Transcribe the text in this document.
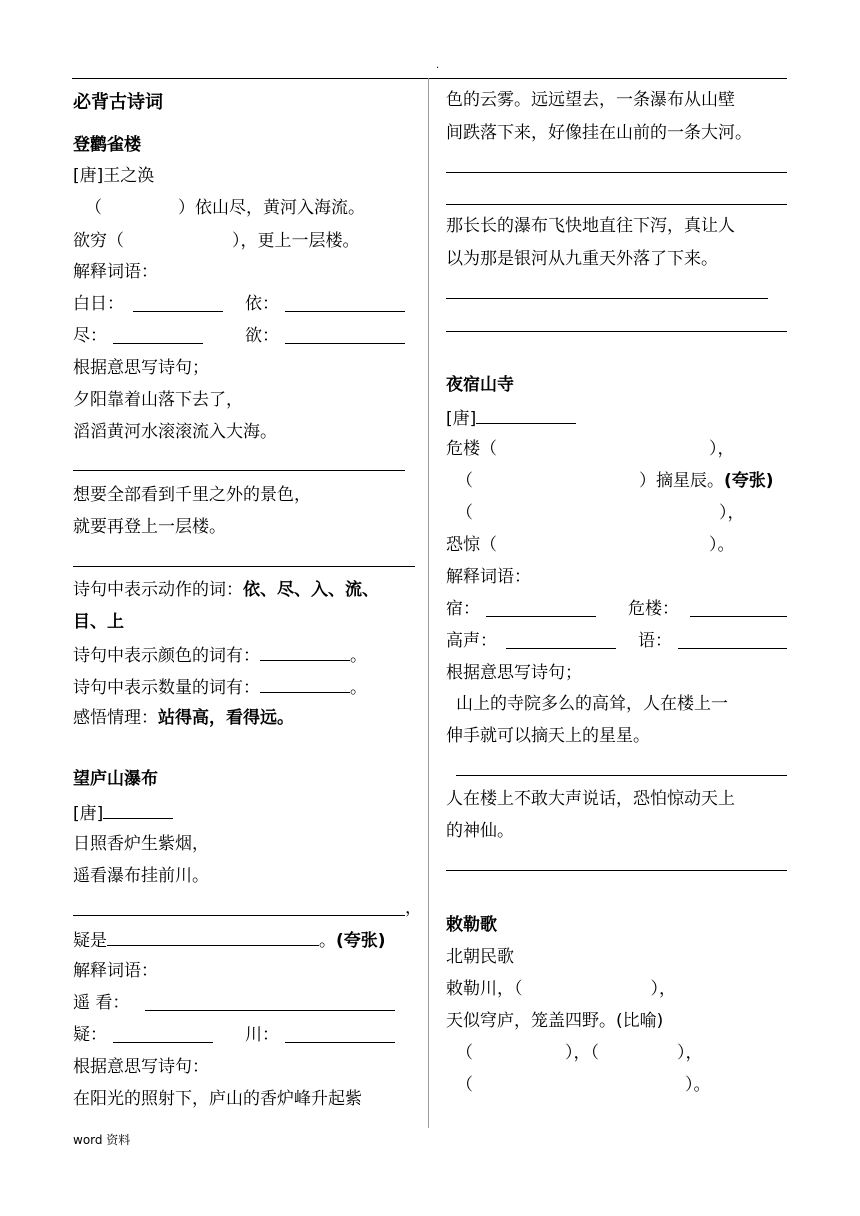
.
必背古诗词
登鹳雀楼
[唐]王之涣
（	）依山尽，黄河入海流。
欲穷（	），更上一层楼。
解释词语：
白日：	依：
尽：	欲：
根据意思写诗句；
夕阳靠着山落下去了，
滔滔黄河水滚滚流入大海。
想要全部看到千里之外的景色，
就要再登上一层楼。
诗句中表示动作的词：依、尽、入、流、
目、上
诗句中表示颜色的词有：	。
诗句中表示数量的词有：	。
感悟情理：站得高，看得远。
望庐山瀑布
[唐]
日照香炉生紫烟，
遥看瀑布挂前川。
，
疑是	。(夸张)
解释词语：
遥 看：
疑：	川：
根据意思写诗句：
在阳光的照射下，庐山的香炉峰升起紫
word 资料
色的云雾。远远望去，一条瀑布从山壁
间跌落下来，好像挂在山前的一条大河。
那长长的瀑布飞快地直往下泻，真让人
以为那是银河从九重天外落了下来。
夜宿山寺
[唐]
危楼（	），
（	）摘星辰。(夸张)
（	），
恐惊（	）。
解释词语：
宿：	危楼：
高声：	语：
根据意思写诗句；
山上的寺院多么的高耸，人在楼上一
伸手就可以摘天上的星星。
人在楼上不敢大声说话，恐怕惊动天上
的神仙。
敕勒歌
北朝民歌
敕勒川，（	），
天似穹庐，笼盖四野。(比喻)
（	），（	），
（	）。
